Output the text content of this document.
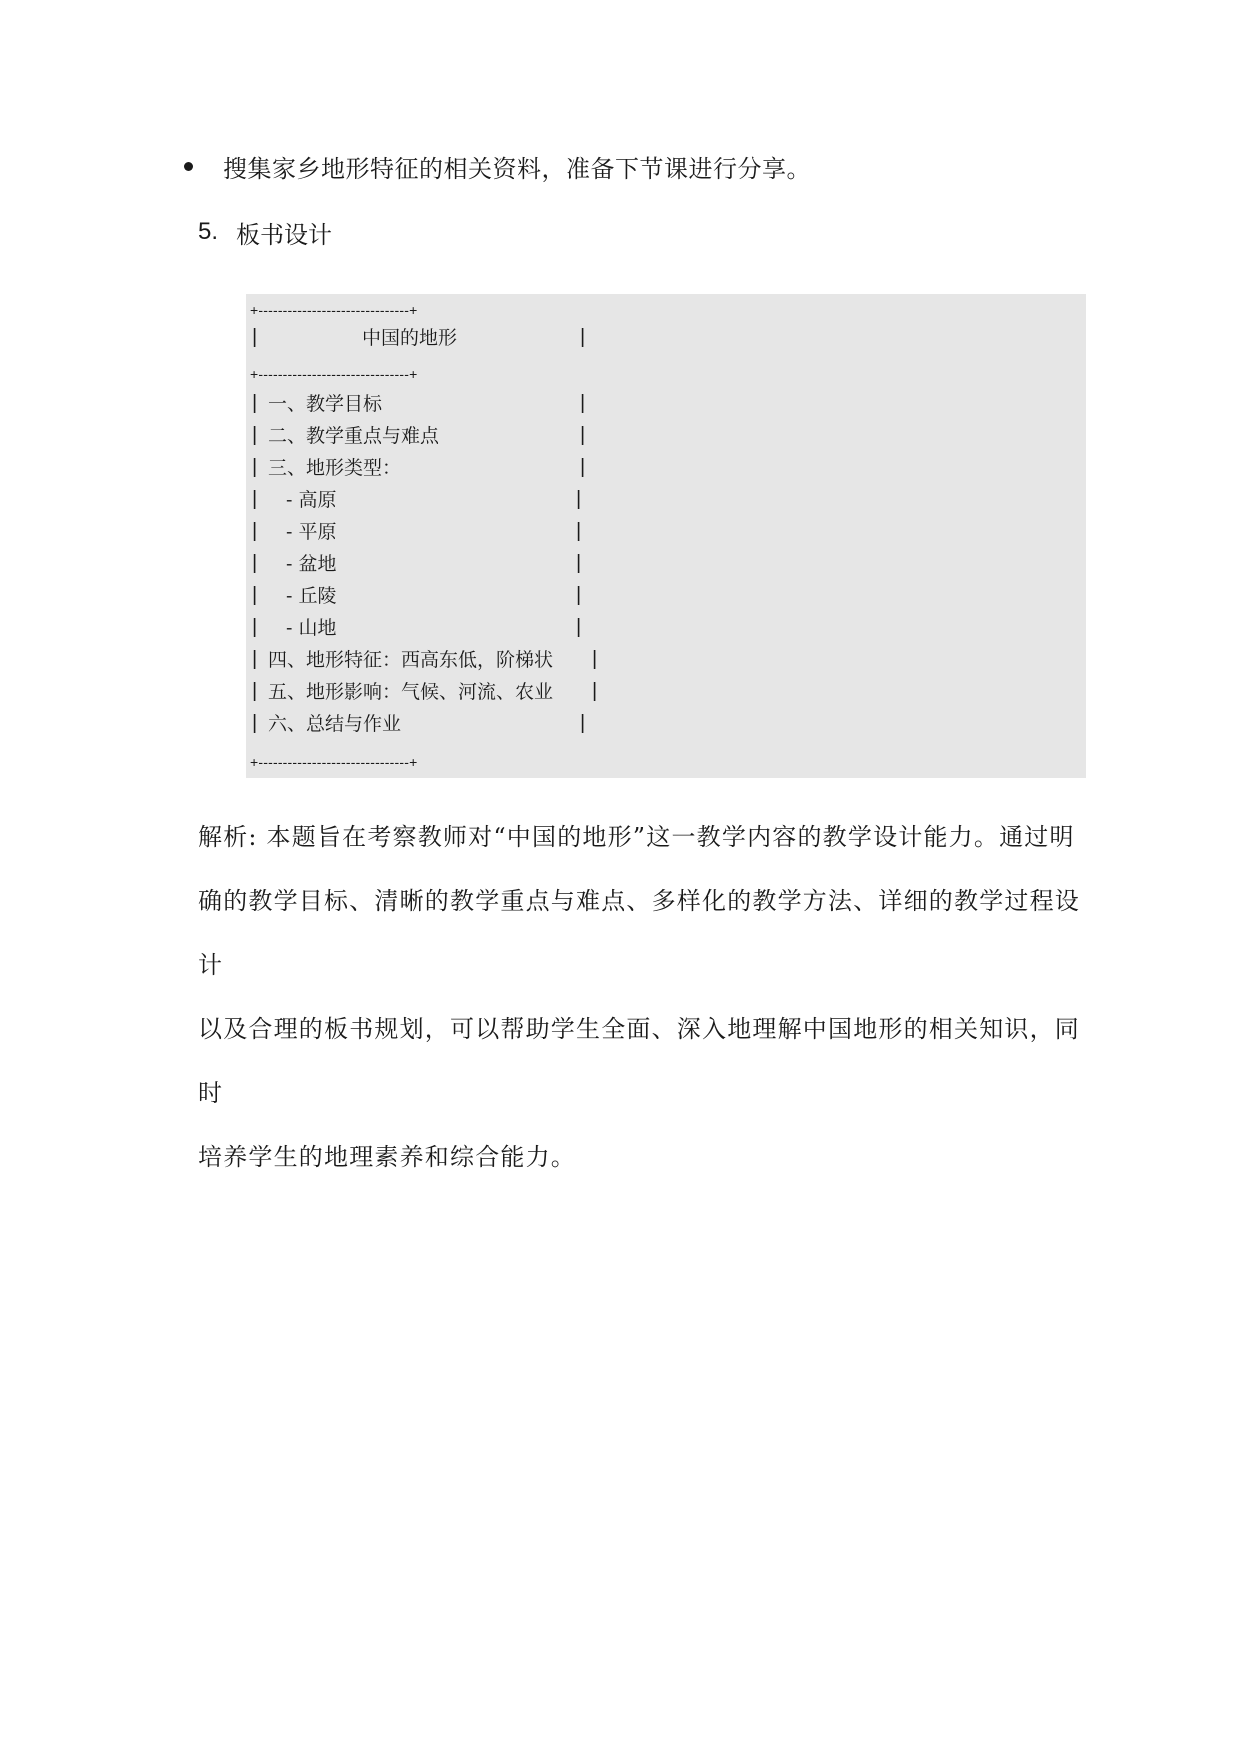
搜集家乡地形特征的相关资料，准备下节课进行分享。
5. 板书设计
+-------------------------------+
|	中国的地形	|
+-------------------------------+
| 一、教学目标	|
| 二、教学重点与难点	|
| 三、地形类型：	|
| - 高原	|
| - 平原	|
| - 盆地	|
| - 丘陵	|
| - 山地	|
| 四、地形特征：西高东低，阶梯状 |
| 五、地形影响：气候、河流、农业 |
| 六、总结与作业	|
+-------------------------------+
解析: 本题旨在考察教师对“中国的地形”这一教学内容的教学设计能力。通过明
确的教学目标、清晰的教学重点与难点、多样化的教学方法、详细的教学过程设计
以及合理的板书规划，可以帮助学生全面、深入地理解中国地形的相关知识，同时
培养学生的地理素养和综合能力。
